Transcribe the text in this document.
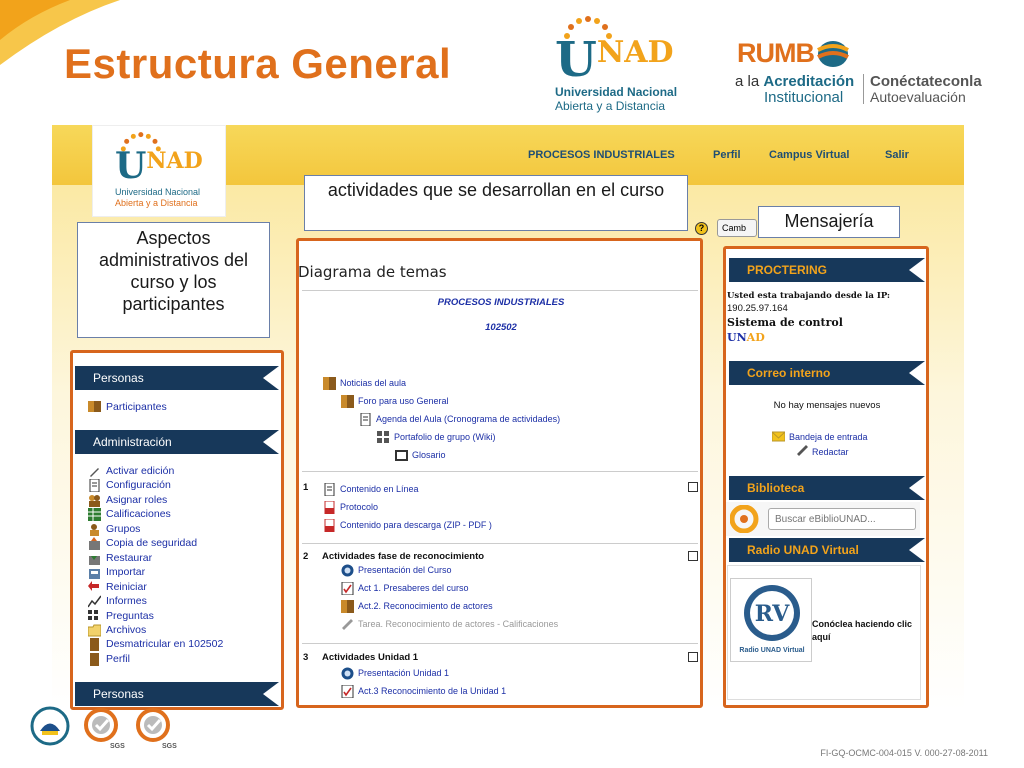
Estructura General U NAD
Universidad Nacional
Abierta y a Distancia
RUMB
a la Acreditación
Institucional
Conéctateconla
Autoevaluación
U NAD
Universidad Nacional
Abierta y a Distancia
PROCESOS INDUSTRIALES	Perfil	Campus Virtual	Salir
?	Camb
Personas
Participantes
Administración
Activar edición
Configuración
Asignar roles
Calificaciones
Grupos
Copia de seguridad
Restaurar
Importar
Reiniciar
Informes
Preguntas
Archivos
Desmatricular en 102502
Perfil
Personas
Diagrama de temas
PROCESOS INDUSTRIALES
102502
Noticias del aula
Foro para uso General
Agenda del Aula (Cronograma de actividades)
Portafolio de grupo (Wiki)
Glosario
1	Contenido en Línea
Protocolo
Contenido para descarga (ZIP - PDF )
2 Actividades fase de reconocimiento
Presentación del Curso
Act 1. Presaberes del curso
Act.2. Reconocimiento de actores
Tarea. Reconocimiento de actores - Calificaciones
3 Actividades Unidad 1
Presentación Unidad 1
Act.3 Reconocimiento de la Unidad 1
PROCTERING
Usted esta trabajando desde la IP:
190.25.97.164
Sistema de control
UNAD
Correo interno
No hay mensajes nuevos
Bandeja de entrada
Redactar
Biblioteca
Buscar eBiblioUNAD...
Radio UNAD Virtual
RV
Radio UNAD Virtual
Conóclea haciendo clic aquí
actividades que se desarrollan en el curso
Mensajería
Aspectos administrativos del curso y los participantes
SGS	SGS
FI-GQ-OCMC-004-015 V. 000-27-08-2011
